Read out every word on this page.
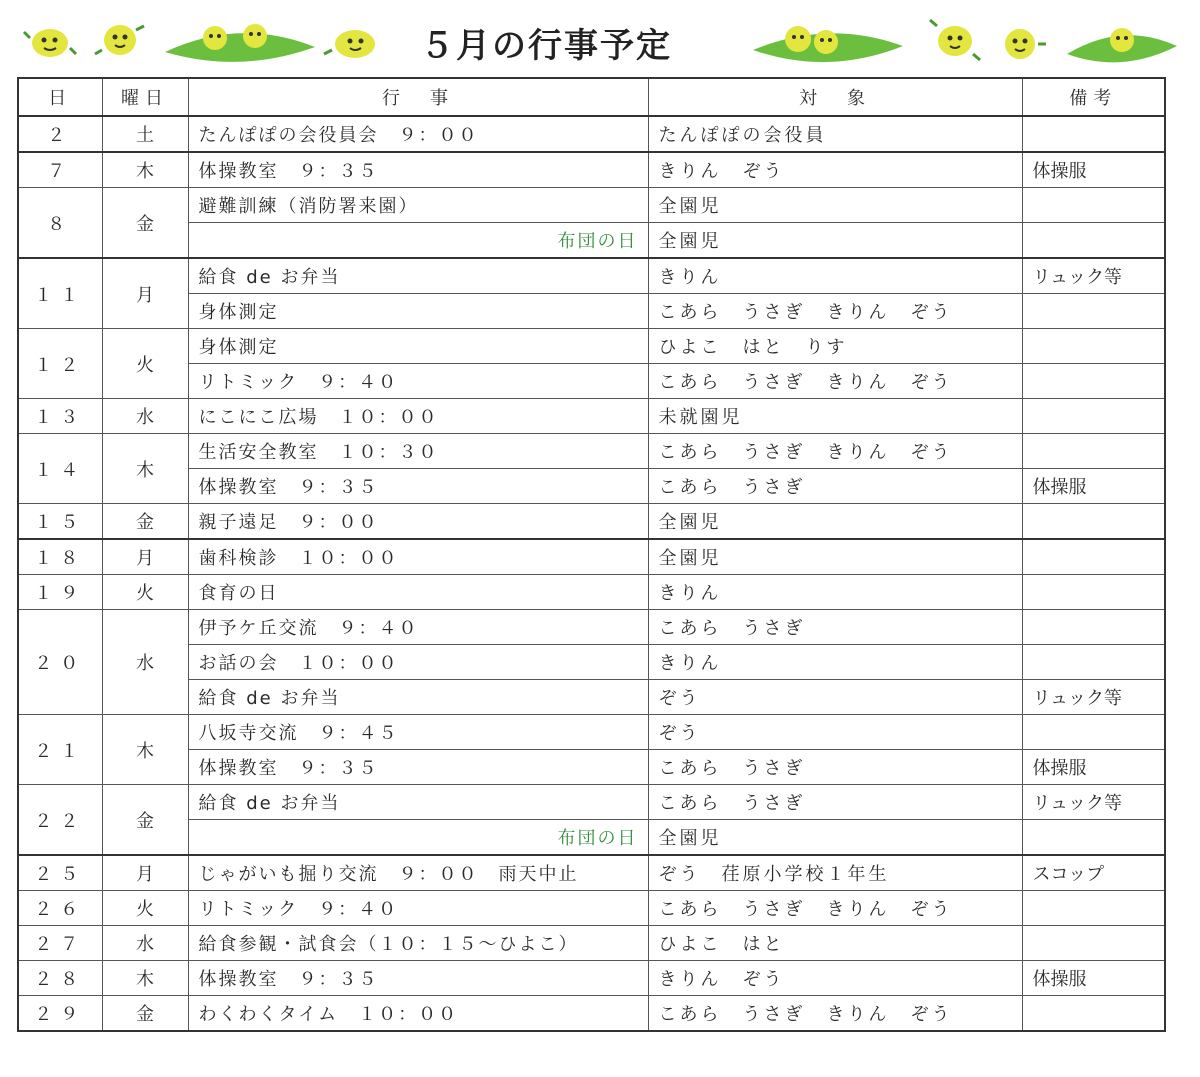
５月の行事予定
日	曜日	行　事	対　象	備考
２	土	たんぽぽの会役員会　９：００	たんぽぽの会役員	
７	木	体操教室　９：３５	きりん　ぞう	体操服
８	金	避難訓練（消防署来園）	全園児	
		布団の日	全園児	
１１	月	給食 de お弁当	きりん	リュック等
		身体測定	こあら　うさぎ　きりん　ぞう	
１２	火	身体測定	ひよこ　はと　りす	
		リトミック　９：４０	こあら　うさぎ　きりん　ぞう	
１３	水	にこにこ広場　１０：００	未就園児	
１４	木	生活安全教室　１０：３０	こあら　うさぎ　きりん　ぞう	
		体操教室　９：３５	こあら　うさぎ	体操服
１５	金	親子遠足　９：００	全園児	
１８	月	歯科検診　１０：００	全園児	
１９	火	食育の日	きりん	
２０	水	伊予ケ丘交流　９：４０	こあら　うさぎ	
		お話の会　１０：００	きりん	
		給食 de お弁当	ぞう	リュック等
２１	木	八坂寺交流　９：４５	ぞう	
		体操教室　９：３５	こあら　うさぎ	体操服
２２	金	給食 de お弁当	こあら　うさぎ	リュック等
		布団の日	全園児	
２５	月	じゃがいも掘り交流　９：００　雨天中止	ぞう　荏原小学校１年生	スコップ
２６	火	リトミック　９：４０	こあら　うさぎ　きりん　ぞう	
２７	水	給食参観・試食会（１０：１５～ひよこ）	ひよこ　はと	
２８	木	体操教室　９：３５	きりん　ぞう	体操服
２９	金	わくわくタイム　１０：００	こあら　うさぎ　きりん　ぞう	
